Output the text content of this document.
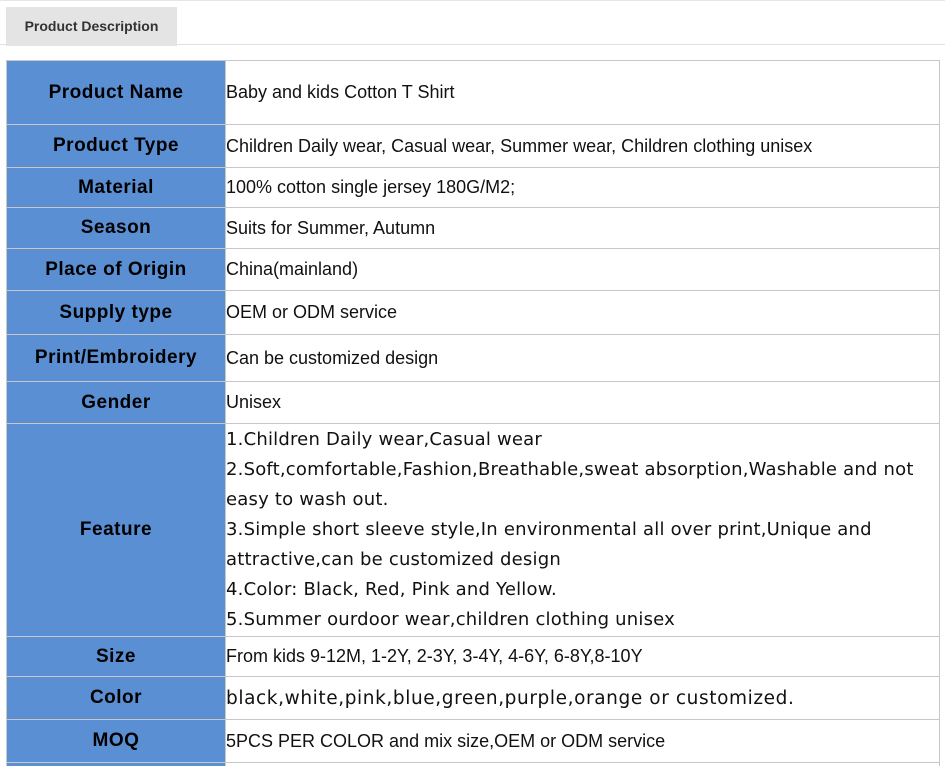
Product Description
Product Name	Baby and kids Cotton T Shirt
Product Type	Children Daily wear, Casual wear, Summer wear, Children clothing unisex
Material	100% cotton single jersey 180G/M2;
Season	Suits for Summer, Autumn
Place of Origin	China(mainland)
Supply type	OEM or ODM service
Print/Embroidery	Can be customized design
Gender	Unisex
Feature	1.Children Daily wear,Casual wear
2.Soft,comfortable,Fashion,Breathable,sweat absorption,Washable and not easy to wash out.
3.Simple short sleeve style,In environmental all over print,Unique and attractive,can be customized design
4.Color: Black, Red, Pink and Yellow.
5.Summer ourdoor wear,children clothing unisex

Size	From kids 9-12M, 1-2Y, 2-3Y, 3-4Y, 4-6Y, 6-8Y,8-10Y
Color	black,white,pink,blue,green,purple,orange or customized.
MOQ	5PCS PER COLOR and mix size,OEM or ODM service
